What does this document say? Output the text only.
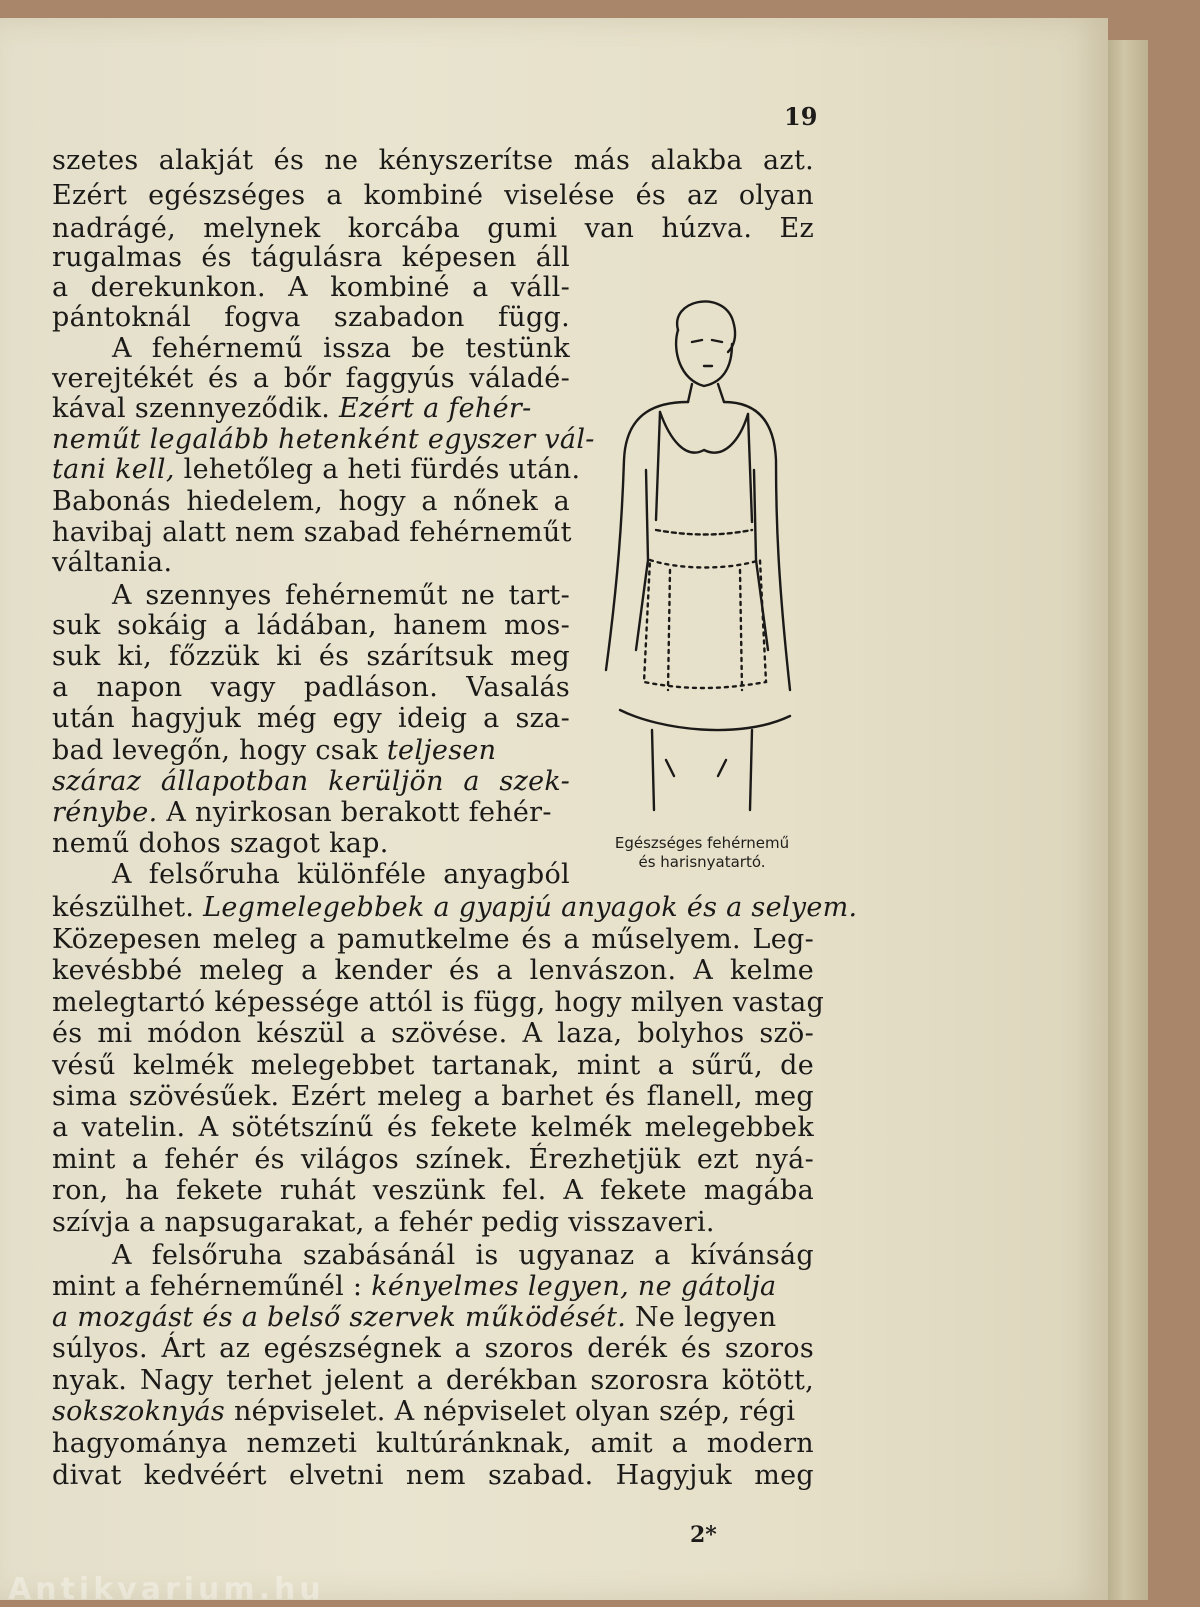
19
szetes alakját és ne kényszerítse más alakba azt.
Ezért egészséges a kombiné viselése és az olyan
nadrágé, melynek korcába gumi van húzva. Ez
rugalmas és tágulásra képesen áll
a derekunkon. A kombiné a váll-
pántoknál fogva szabadon függ.
A fehérnemű issza be testünk
verejtékét és a bőr faggyús váladé-
kával szennyeződik. Ezért a fehér-
neműt legalább hetenként egyszer vál-
tani kell, lehetőleg a heti fürdés után.
Babonás hiedelem, hogy a nőnek a
havibaj alatt nem szabad fehérneműt
váltania.
A szennyes fehérneműt ne tart-
suk sokáig a ládában, hanem mos-
suk ki, főzzük ki és szárítsuk meg
a napon vagy padláson. Vasalás
után hagyjuk még egy ideig a sza-
bad levegőn, hogy csak teljesen
száraz állapotban kerüljön a szek-
rénybe. A nyirkosan berakott fehér-
nemű dohos szagot kap.
A felsőruha különféle anyagból
készülhet. Legmelegebbek a gyapjú anyagok és a selyem.
Közepesen meleg a pamutkelme és a műselyem. Leg-
kevésbbé meleg a kender és a lenvászon. A kelme
melegtartó képessége attól is függ, hogy milyen vastag
és mi módon készül a szövése. A laza, bolyhos szö-
vésű kelmék melegebbet tartanak, mint a sűrű, de
sima szövésűek. Ezért meleg a barhet és flanell, meg
a vatelin. A sötétszínű és fekete kelmék melegebbek
mint a fehér és világos színek. Érezhetjük ezt nyá-
ron, ha fekete ruhát veszünk fel. A fekete magába
szívja a napsugarakat, a fehér pedig visszaveri.
A felsőruha szabásánál is ugyanaz a kívánság
mint a fehérneműnél : kényelmes legyen, ne gátolja
a mozgást és a belső szervek működését. Ne legyen
súlyos. Árt az egészségnek a szoros derék és szoros
nyak. Nagy terhet jelent a derékban szorosra kötött,
sokszoknyás népviselet. A népviselet olyan szép, régi
hagyománya nemzeti kultúránknak, amit a modern
divat kedvéért elvetni nem szabad. Hagyjuk meg
Egészséges fehérnemű
és harisnyatartó.
2*
Antikvarium.hu
